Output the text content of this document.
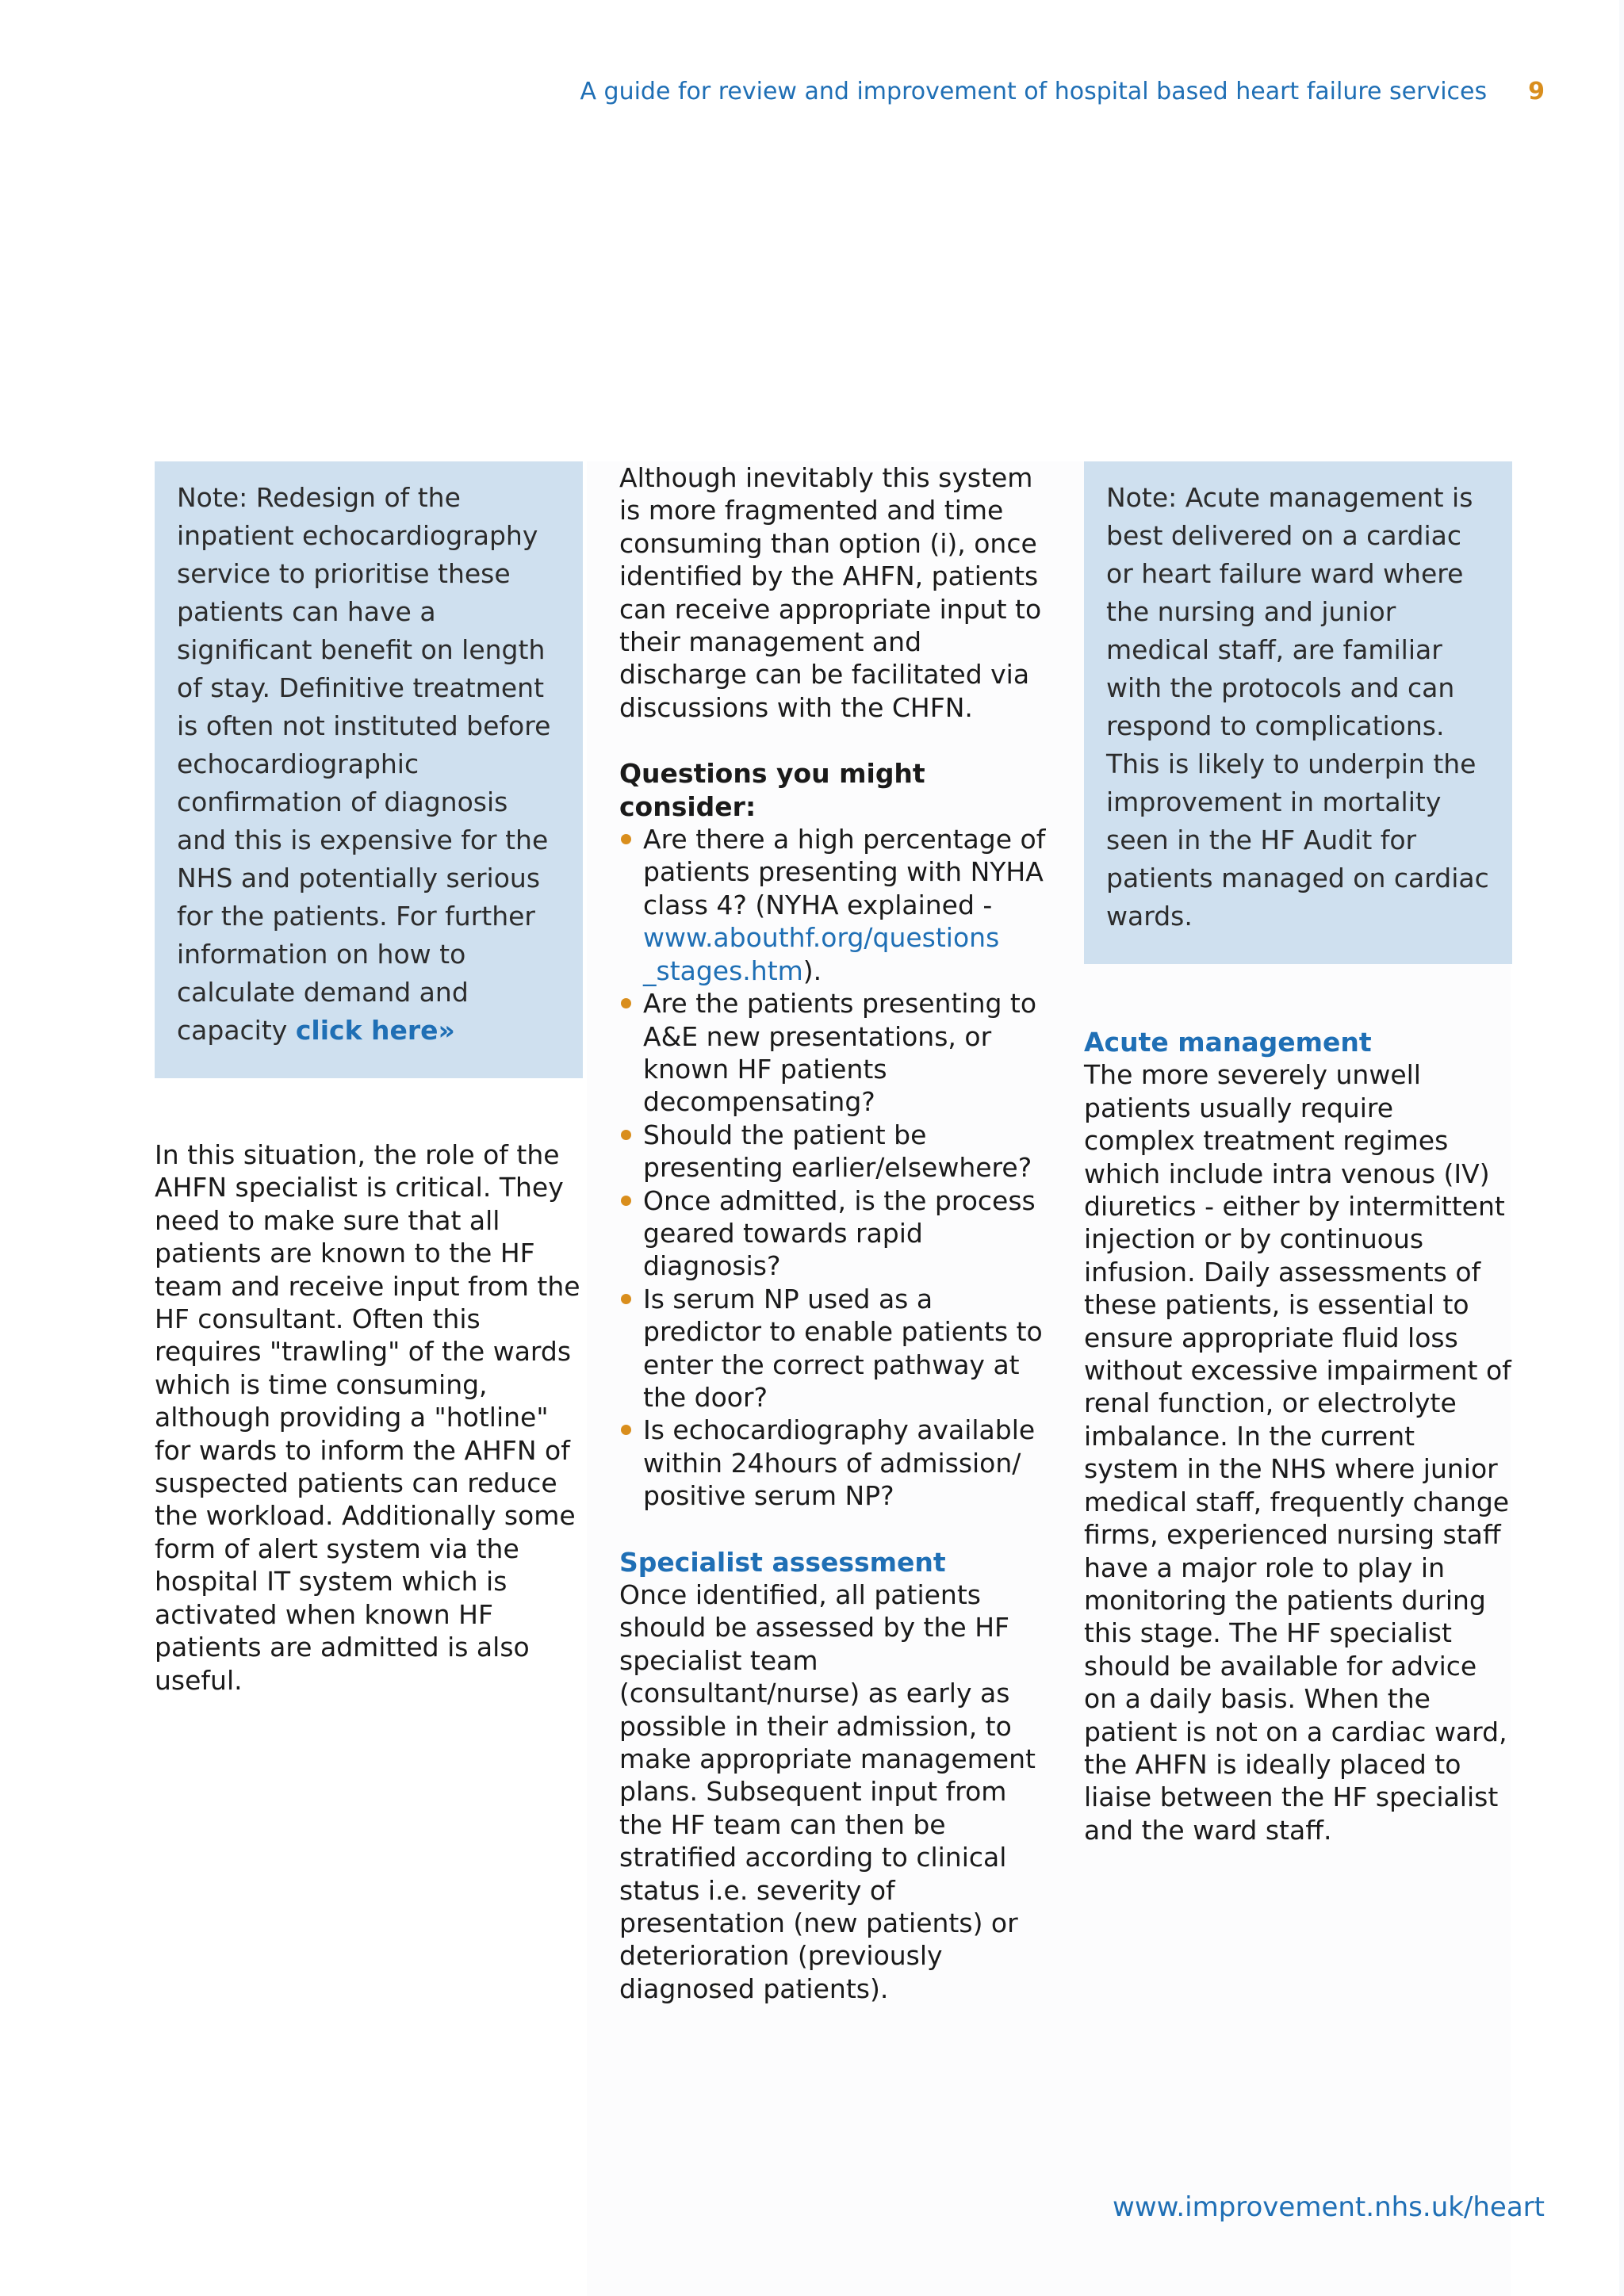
A guide for review and improvement of hospital based heart failure services 9
Note: Redesign of the inpatient echocardiography service to prioritise these patients can have a significant benefit on length of stay. Definitive treatment is often not instituted before echocardiographic confirmation of diagnosis and this is expensive for the NHS and potentially serious for the patients. For further information on how to calculate demand and capacity click here»

In this situation, the role of the AHFN specialist is critical. They need to make sure that all patients are known to the HF team and receive input from the HF consultant. Often this requires "trawling" of the wards which is time consuming, although providing a "hotline" for wards to inform the AHFN of suspected patients can reduce the workload. Additionally some form of alert system via the hospital IT system which is activated when known HF patients are admitted is also useful.

Although inevitably this system is more fragmented and time consuming than option (i), once identified by the AHFN, patients can receive appropriate input to their management and discharge can be facilitated via discussions with the CHFN.

Questions you might consider:
Are there a high percentage of patients presenting with NYHA class 4? (NYHA explained - www.abouthf.org/questions _stages.htm).
Are the patients presenting to A&E new presentations, or known HF patients decompensating?
Should the patient be presenting earlier/elsewhere?
Once admitted, is the process geared towards rapid diagnosis?
Is serum NP used as a predictor to enable patients to enter the correct pathway at the door?
Is echocardiography available within 24hours of admission/ positive serum NP?
Specialist assessment

Once identified, all patients should be assessed by the HF specialist team (consultant/nurse) as early as possible in their admission, to make appropriate management plans. Subsequent input from the HF team can then be stratified according to clinical status i.e. severity of presentation (new patients) or deterioration (previously diagnosed patients).

Note: Acute management is best delivered on a cardiac or heart failure ward where the nursing and junior medical staff, are familiar with the protocols and can respond to complications. This is likely to underpin the improvement in mortality seen in the HF Audit for patients managed on cardiac wards.
Acute management

The more severely unwell patients usually require complex treatment regimes which include intra venous (IV) diuretics - either by intermittent injection or by continuous infusion. Daily assessments of these patients, is essential to ensure appropriate fluid loss without excessive impairment of renal function, or electrolyte imbalance. In the current system in the NHS where junior medical staff, frequently change firms, experienced nursing staff have a major role to play in monitoring the patients during this stage. The HF specialist should be available for advice on a daily basis. When the patient is not on a cardiac ward, the AHFN is ideally placed to liaise between the HF specialist and the ward staff.

www.improvement.nhs.uk/heart
